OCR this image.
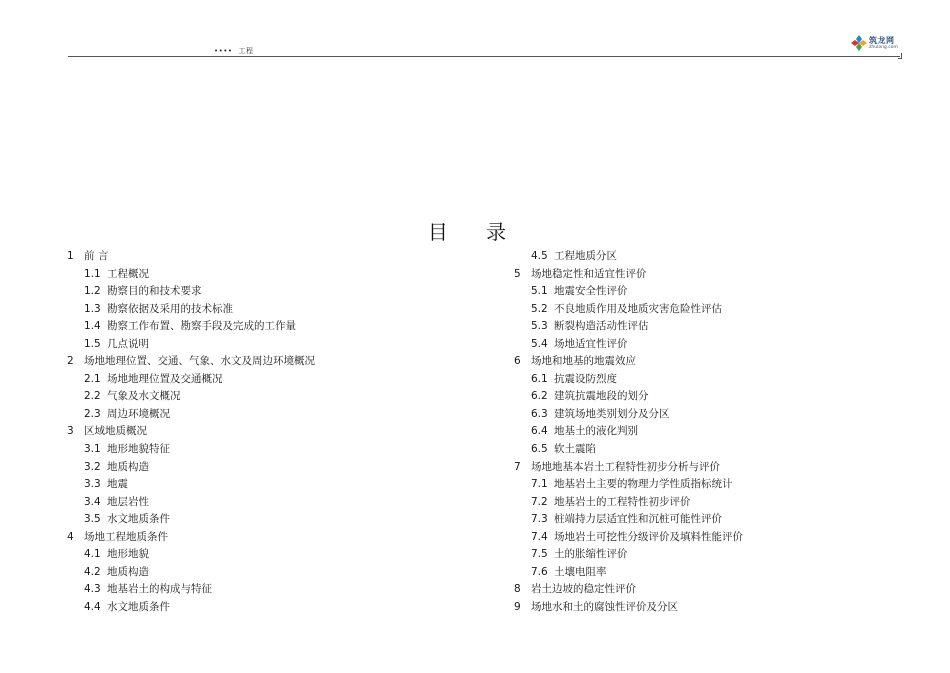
•••• 工程
筑龙网
zhulong.com
目 录
1 前 言
1.1 工程概况
1.2 勘察目的和技术要求
1.3 勘察依据及采用的技术标准
1.4 勘察工作布置、勘察手段及完成的工作量
1.5 几点说明
2 场地地理位置、交通、气象、水文及周边环境概况
2.1 场地地理位置及交通概况
2.2 气象及水文概况
2.3 周边环境概况
3 区域地质概况
3.1 地形地貌特征
3.2 地质构造
3.3 地震
3.4 地层岩性
3.5 水文地质条件
4 场地工程地质条件
4.1 地形地貌
4.2 地质构造
4.3 地基岩土的构成与特征
4.4 水文地质条件
4.5 工程地质分区
5 场地稳定性和适宜性评价
5.1 地震安全性评价
5.2 不良地质作用及地质灾害危险性评估
5.3 断裂构造活动性评估
5.4 场地适宜性评价
6 场地和地基的地震效应
6.1 抗震设防烈度
6.2 建筑抗震地段的划分
6.3 建筑场地类别划分及分区
6.4 地基土的液化判别
6.5 软土震陷
7 场地地基本岩土工程特性初步分析与评价
7.1 地基岩土主要的物理力学性质指标统计
7.2 地基岩土的工程特性初步评价
7.3 桩端持力层适宜性和沉桩可能性评价
7.4 场地岩土可挖性分级评价及填料性能评价
7.5 土的胀缩性评价
7.6 土壤电阻率
8 岩土边坡的稳定性评价
9 场地水和土的腐蚀性评价及分区
